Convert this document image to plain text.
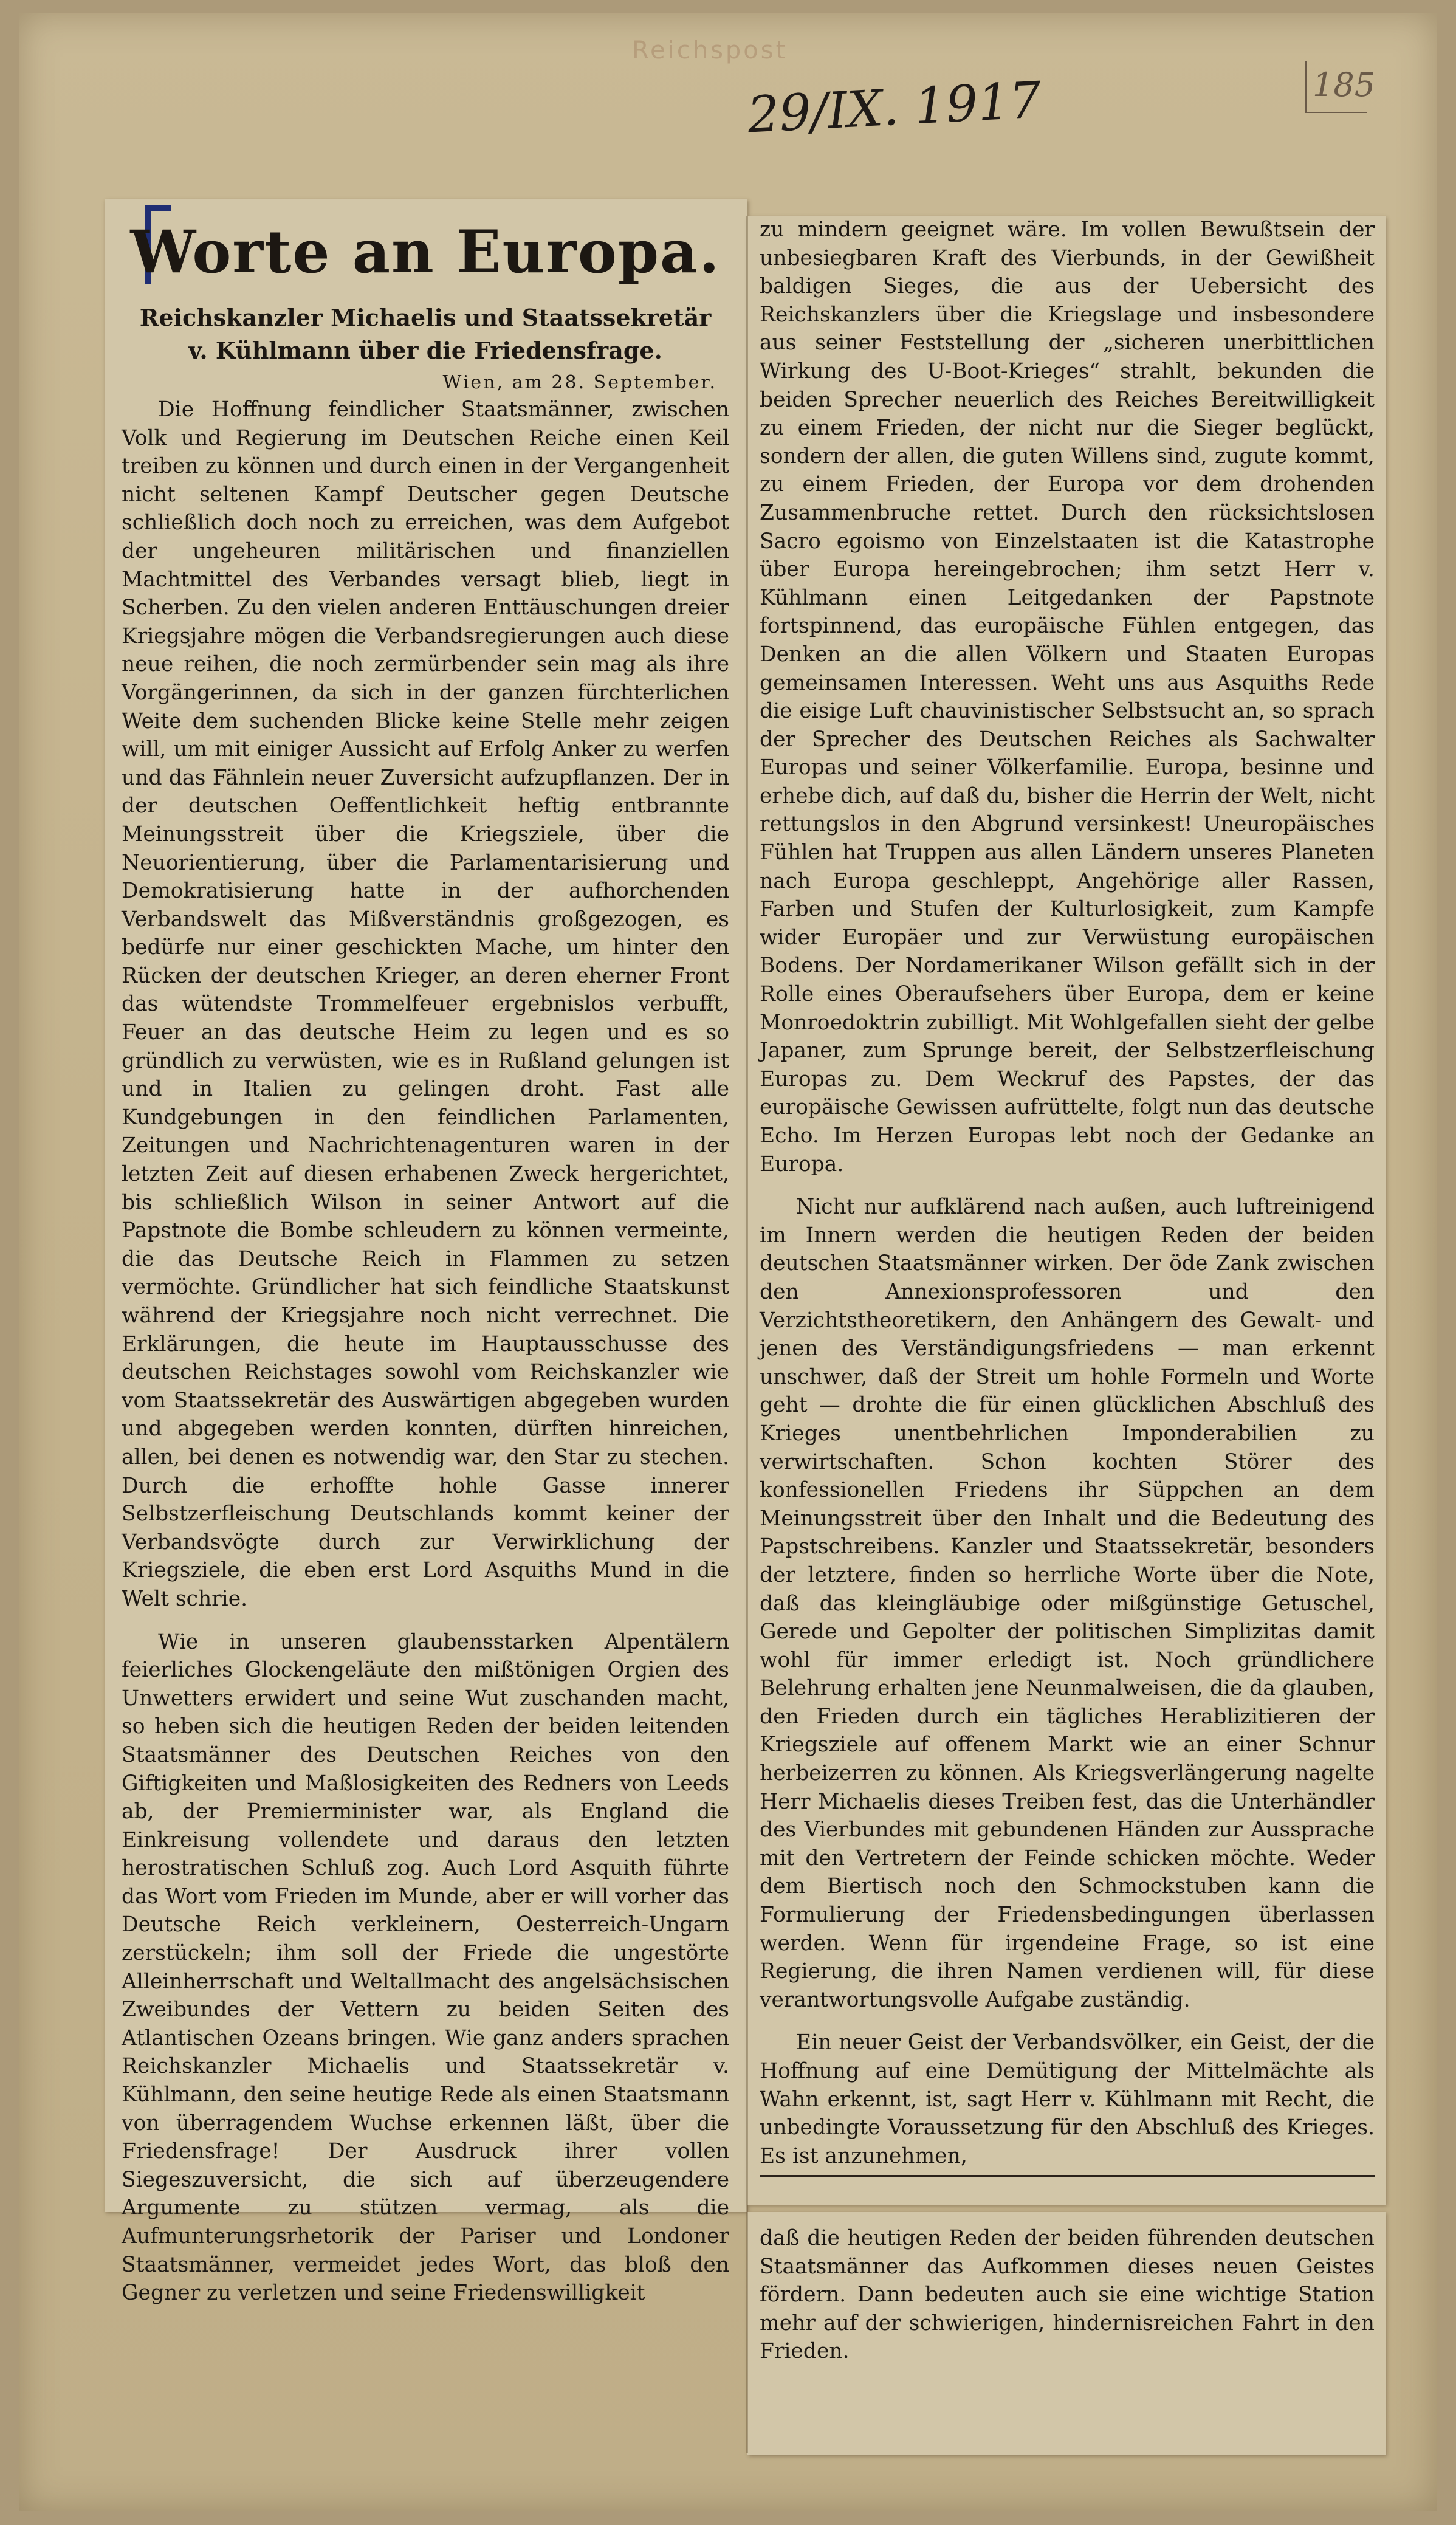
Reichspost
29/IX. 1917	185
Worte an Europa.
Reichskanzler Michaelis und Staatssekretär v. Kühlmann über die Friedensfrage.
Wien, am 28. September.

Die Hoffnung feindlicher Staatsmänner, zwischen Volk und Regierung im Deutschen Reiche einen Keil treiben zu können und durch einen in der Vergangenheit nicht seltenen Kampf Deutscher gegen Deutsche schließlich doch noch zu erreichen, was dem Aufgebot der ungeheuren militärischen und finanziellen Machtmittel des Verbandes versagt blieb, liegt in Scherben. Zu den vielen anderen Enttäuschungen dreier Kriegsjahre mögen die Verbandsregierungen auch diese neue reihen, die noch zermürbender sein mag als ihre Vorgängerinnen, da sich in der ganzen fürchterlichen Weite dem suchenden Blicke keine Stelle mehr zeigen will, um mit einiger Aussicht auf Erfolg Anker zu werfen und das Fähnlein neuer Zuversicht aufzupflanzen. Der in der deutschen Oeffentlichkeit heftig entbrannte Meinungsstreit über die Kriegsziele, über die Neuorientierung, über die Parlamentarisierung und Demokratisierung hatte in der aufhorchenden Verbandswelt das Mißverständnis großgezogen, es bedürfe nur einer geschickten Mache, um hinter den Rücken der deutschen Krieger, an deren eherner Front das wütendste Trommelfeuer ergebnislos verbufft, Feuer an das deutsche Heim zu legen und es so gründlich zu verwüsten, wie es in Rußland gelungen ist und in Italien zu gelingen droht. Fast alle Kundgebungen in den feindlichen Parlamenten, Zeitungen und Nachrichtenagenturen waren in der letzten Zeit auf diesen erhabenen Zweck hergerichtet, bis schließlich Wilson in seiner Antwort auf die Papstnote die Bombe schleudern zu können vermeinte, die das Deutsche Reich in Flammen zu setzen vermöchte. Gründlicher hat sich feindliche Staatskunst während der Kriegsjahre noch nicht verrechnet. Die Erklärungen, die heute im Hauptausschusse des deutschen Reichstages sowohl vom Reichskanzler wie vom Staatssekretär des Auswärtigen abgegeben wurden und abgegeben werden konnten, dürften hinreichen, allen, bei denen es notwendig war, den Star zu stechen. Durch die erhoffte hohle Gasse innerer Selbstzerfleischung Deutschlands kommt keiner der Verbandsvögte durch zur Verwirklichung der Kriegsziele, die eben erst Lord Asquiths Mund in die Welt schrie.

Wie in unseren glaubensstarken Alpentälern feierliches Glockengeläute den mißtönigen Orgien des Unwetters erwidert und seine Wut zuschanden macht, so heben sich die heutigen Reden der beiden leitenden Staatsmänner des Deutschen Reiches von den Giftigkeiten und Maßlosigkeiten des Redners von Leeds ab, der Premierminister war, als England die Einkreisung vollendete und daraus den letzten herostratischen Schluß zog. Auch Lord Asquith führte das Wort vom Frieden im Munde, aber er will vorher das Deutsche Reich verkleinern, Oesterreich-Ungarn zerstückeln; ihm soll der Friede die ungestörte Alleinherrschaft und Weltallmacht des angelsächsischen Zweibundes der Vettern zu beiden Seiten des Atlantischen Ozeans bringen. Wie ganz anders sprachen Reichskanzler Michaelis und Staatssekretär v. Kühlmann, den seine heutige Rede als einen Staatsmann von überragendem Wuchse erkennen läßt, über die Friedensfrage! Der Ausdruck ihrer vollen Siegeszuversicht, die sich auf überzeugendere Argumente zu stützen vermag, als die Aufmunterungsrhetorik der Pariser und Londoner Staatsmänner, vermeidet jedes Wort, das bloß den Gegner zu verletzen und seine Friedenswilligkeit

zu mindern geeignet wäre. Im vollen Bewußtsein der unbesiegbaren Kraft des Vierbunds, in der Gewißheit baldigen Sieges, die aus der Uebersicht des Reichskanzlers über die Kriegslage und insbesondere aus seiner Feststellung der „sicheren unerbittlichen Wirkung des U-Boot-Krieges“ strahlt, bekunden die beiden Sprecher neuerlich des Reiches Bereitwilligkeit zu einem Frieden, der nicht nur die Sieger beglückt, sondern der allen, die guten Willens sind, zugute kommt, zu einem Frieden, der Europa vor dem drohenden Zusammenbruche rettet. Durch den rücksichtslosen Sacro egoismo von Einzelstaaten ist die Katastrophe über Europa hereingebrochen; ihm setzt Herr v. Kühlmann einen Leitgedanken der Papstnote fortspinnend, das europäische Fühlen entgegen, das Denken an die allen Völkern und Staaten Europas gemeinsamen Interessen. Weht uns aus Asquiths Rede die eisige Luft chauvinistischer Selbstsucht an, so sprach der Sprecher des Deutschen Reiches als Sachwalter Europas und seiner Völkerfamilie. Europa, besinne und erhebe dich, auf daß du, bisher die Herrin der Welt, nicht rettungslos in den Abgrund versinkest! Uneuropäisches Fühlen hat Truppen aus allen Ländern unseres Planeten nach Europa geschleppt, Angehörige aller Rassen, Farben und Stufen der Kulturlosigkeit, zum Kampfe wider Europäer und zur Verwüstung europäischen Bodens. Der Nordamerikaner Wilson gefällt sich in der Rolle eines Oberaufsehers über Europa, dem er keine Monroedoktrin zubilligt. Mit Wohlgefallen sieht der gelbe Japaner, zum Sprunge bereit, der Selbstzerfleischung Europas zu. Dem Weckruf des Papstes, der das europäische Gewissen aufrüttelte, folgt nun das deutsche Echo. Im Herzen Europas lebt noch der Gedanke an Europa.

Nicht nur aufklärend nach außen, auch luftreinigend im Innern werden die heutigen Reden der beiden deutschen Staatsmänner wirken. Der öde Zank zwischen den Annexionsprofessoren und den Verzichtstheoretikern, den Anhängern des Gewalt- und jenen des Verständigungsfriedens — man erkennt unschwer, daß der Streit um hohle Formeln und Worte geht — drohte die für einen glücklichen Abschluß des Krieges unentbehrlichen Imponderabilien zu verwirtschaften. Schon kochten Störer des konfessionellen Friedens ihr Süppchen an dem Meinungsstreit über den Inhalt und die Bedeutung des Papstschreibens. Kanzler und Staatssekretär, besonders der letztere, finden so herrliche Worte über die Note, daß das kleingläubige oder mißgünstige Getuschel, Gerede und Gepolter der politischen Simplizitas damit wohl für immer erledigt ist. Noch gründlichere Belehrung erhalten jene Neunmalweisen, die da glauben, den Frieden durch ein tägliches Herablizitieren der Kriegsziele auf offenem Markt wie an einer Schnur herbeizerren zu können. Als Kriegsverlängerung nagelte Herr Michaelis dieses Treiben fest, das die Unterhändler des Vierbundes mit gebundenen Händen zur Aussprache mit den Vertretern der Feinde schicken möchte. Weder dem Biertisch noch den Schmockstuben kann die Formulierung der Friedensbedingungen überlassen werden. Wenn für irgendeine Frage, so ist eine Regierung, die ihren Namen verdienen will, für diese verantwortungsvolle Aufgabe zuständig.

Ein neuer Geist der Verbandsvölker, ein Geist, der die Hoffnung auf eine Demütigung der Mittelmächte als Wahn erkennt, ist, sagt Herr v. Kühlmann mit Recht, die unbedingte Voraussetzung für den Abschluß des Krieges. Es ist anzunehmen,

daß die heutigen Reden der beiden führenden deutschen Staatsmänner das Aufkommen dieses neuen Geistes fördern. Dann bedeuten auch sie eine wichtige Station mehr auf der schwierigen, hindernisreichen Fahrt in den Frieden.
